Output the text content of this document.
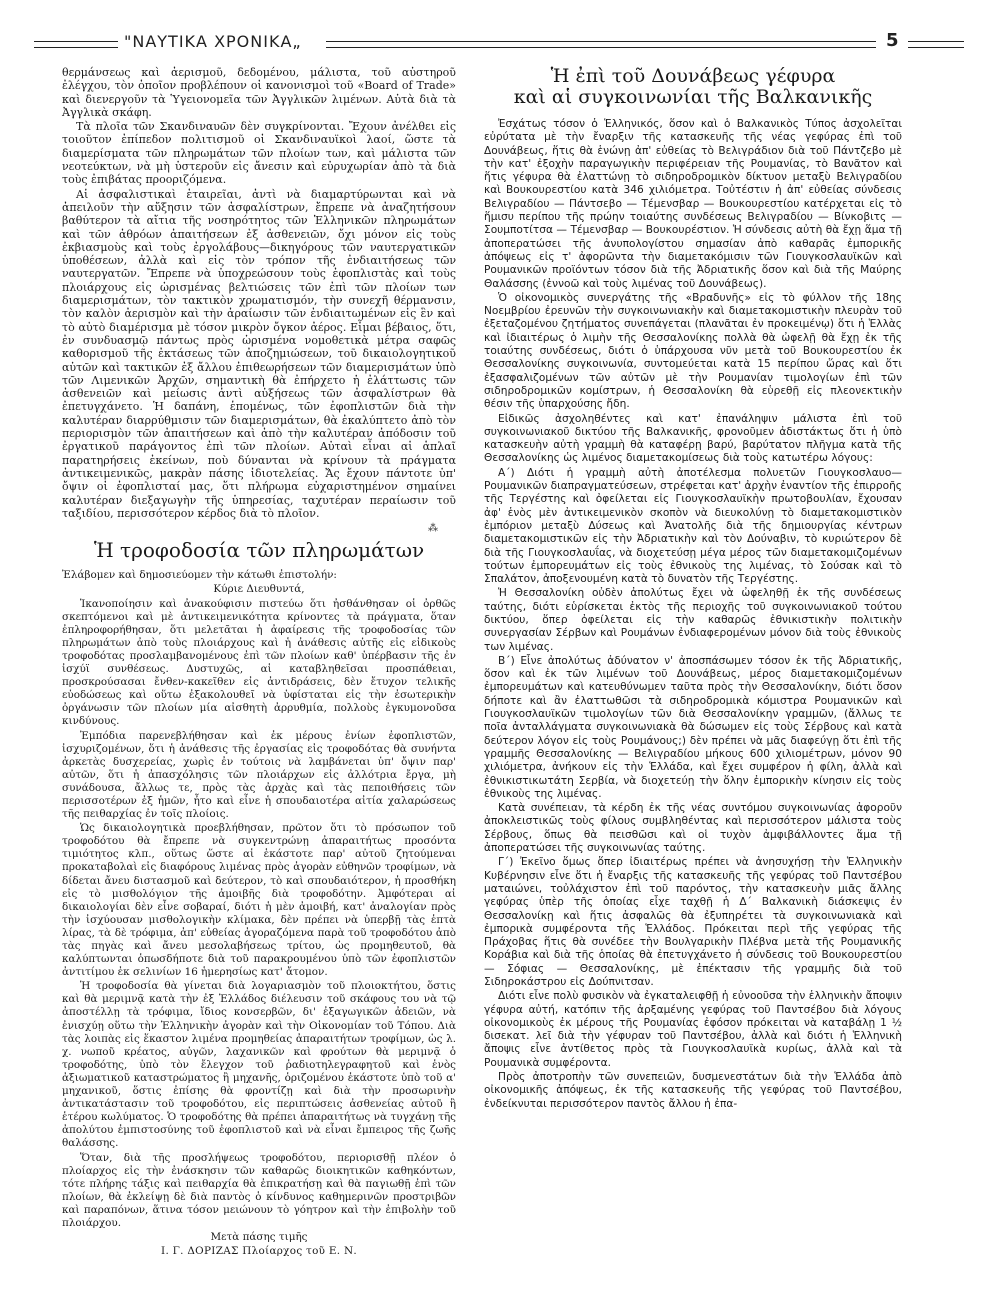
"ΝΑΥΤΙΚΑ ΧΡΟΝΙΚΑ„	5

θερμάνσεως καὶ ἀερισμοῦ, δεδομένου, μάλιστα, τοῦ αὐστηροῦ ἐλέγχου, τὸν ὁποῖον προβλέπουν οἱ κανονισμοὶ τοῦ «Board of Trade» καὶ διενεργοῦν τὰ Ὑγειονομεῖα τῶν Ἀγγλικῶν λιμένων. Αὐτὰ διὰ τὰ Ἀγγλικὰ σκάφη.

Τὰ πλοῖα τῶν Σκανδιναυῶν δὲν συγκρίνονται. Ἔχουν ἀνέλθει εἰς τοιοῦτον ἐπίπεδον πολιτισμοῦ οἱ Σκανδιναυϊκοὶ λαοί, ὥστε τὰ διαμερίσματα τῶν πληρωμάτων τῶν πλοίων των, καὶ μάλιστα τῶν νεοτεύκτων, νὰ μὴ ὑστεροῦν εἰς ἄνεσιν καὶ εὐρυχωρίαν ἀπὸ τὰ διὰ τοὺς ἐπιβάτας προοριζόμενα.

Αἱ ἀσφαλιστικαὶ ἑταιρεῖαι, ἀντὶ νὰ διαμαρτύρωνται καὶ νὰ ἀπειλοῦν τὴν αὔξησιν τῶν ἀσφαλίστρων, ἔπρεπε νὰ ἀναζητήσουν βαθύτερον τὰ αἴτια τῆς νοσηρότητος τῶν Ἑλληνικῶν πληρωμάτων καὶ τῶν ἀθρόων ἀπαιτήσεων ἐξ ἀσθενειῶν, ὄχι μόνον εἰς τοὺς ἐκβιασμοὺς καὶ τοὺς ἐργολάβους—δικηγόρους τῶν ναυτεργατικῶν ὑποθέσεων, ἀλλὰ καὶ εἰς τὸν τρόπον τῆς ἐνδιαιτήσεως τῶν ναυτεργατῶν. Ἔπρεπε νὰ ὑποχρεώσουν τοὺς ἐφοπλιστὰς καὶ τοὺς πλοιάρχους εἰς ὡρισμένας βελτιώσεις τῶν ἐπὶ τῶν πλοίων των διαμερισμάτων, τὸν τακτικὸν χρωματισμόν, τὴν συνεχῆ θέρμανσιν, τὸν καλὸν ἀερισμὸν καὶ τὴν ἀραίωσιν τῶν ἐνδιαιτωμένων εἰς ἓν καὶ τὸ αὐτὸ διαμέρισμα μὲ τόσον μικρὸν ὄγκον ἀέρος. Εἶμαι βέβαιος, ὅτι, ἐν συνδυασμῷ πάντως πρὸς ὡρισμένα νομοθετικὰ μέτρα σαφῶς καθορισμοῦ τῆς ἐκτάσεως τῶν ἀποζημιώσεων, τοῦ δικαιολογητικοῦ αὐτῶν καὶ τακτικῶν ἐξ ἄλλου ἐπιθεωρήσεων τῶν διαμερισμάτων ὑπὸ τῶν Λιμενικῶν Ἀρχῶν, σημαντικὴ θὰ ἐπήρχετο ἡ ἐλάττωσις τῶν ἀσθενειῶν καὶ μείωσις ἀντὶ αὐξήσεως τῶν ἀσφαλίστρων θὰ ἐπετυγχάνετο. Ἡ δαπάνη, ἑπομένως, τῶν ἐφοπλιστῶν διὰ τὴν καλυτέραν διαρρύθμισιν τῶν διαμερισμάτων, θὰ ἐκαλύπτετο ἀπὸ τὸν περιορισμὸν τῶν ἀπαιτήσεων καὶ ἀπὸ τὴν καλυτέραν ἀπόδοσιν τοῦ ἐργατικοῦ παράγοντος ἐπὶ τῶν πλοίων. Αὐταὶ εἶναι αἱ ἁπλαῖ παρατηρήσεις ἐκείνων, ποὺ δύνανται νὰ κρίνουν τὰ πράγματα ἀντικειμενικῶς, μακρὰν πάσης ἰδιοτελείας. Ἄς ἔχουν πάντοτε ὑπ' ὄψιν οἱ ἐφοπλισταί μας, ὅτι πλήρωμα εὐχαριστημένον σημαίνει καλυτέραν διεξαγωγὴν τῆς ὑπηρεσίας, ταχυτέραν περαίωσιν τοῦ ταξιδίου, περισσότερον κέρδος διὰ τὸ πλοῖον.

⁂
Ἡ τροφοδοσία τῶν πληρωμάτων

Ἐλάβομεν καὶ δημοσιεύομεν τὴν κάτωθι ἐπιστολήν:

Κύριε Διευθυντά,

Ἱκανοποίησιν καὶ ἀνακούφισιν πιστεύω ὅτι ἠσθάνθησαν οἱ ὀρθῶς σκεπτόμενοι καὶ μὲ ἀντικειμενικότητα κρίνοντες τὰ πράγματα, ὅταν ἐπληροφορήθησαν, ὅτι μελετᾶται ἡ ἀφαίρεσις τῆς τροφοδοσίας τῶν πληρωμάτων ἀπὸ τοὺς πλοιάρχους καὶ ἡ ἀνάθεσις αὐτῆς εἰς εἰδικοὺς τροφοδότας προσλαμβανομένους ἐπὶ τῶν πλοίων καθ' ὑπέρβασιν τῆς ἐν ἰσχύϊ συνθέσεως. Δυστυχῶς, αἱ καταβληθεῖσαι προσπάθειαι, προσκρούσασαι ἔνθεν-κακεῖθεν εἰς ἀντιδράσεις, δὲν ἔτυχον τελικῆς εὐοδώσεως καὶ οὕτω ἐξακολουθεῖ νὰ ὑφίσταται εἰς τὴν ἐσωτερικὴν ὀργάνωσιν τῶν πλοίων μία αἰσθητὴ ἀρρυθμία, πολλοὺς ἐγκυμονοῦσα κινδύνους.

Ἐμπόδια παρενεβλήθησαν καὶ ἐκ μέρους ἐνίων ἐφοπλιστῶν, ἰσχυριζομένων, ὅτι ἡ ἀνάθεσις τῆς ἐργασίας εἰς τροφοδότας θὰ συνήντα ἀρκετὰς δυσχερείας, χωρὶς ἐν τούτοις νὰ λαμβάνεται ὑπ' ὄψιν παρ' αὐτῶν, ὅτι ἡ ἀπασχόλησις τῶν πλοιάρχων εἰς ἀλλότρια ἔργα, μὴ συνάδουσα, ἄλλως τε, πρὸς τὰς ἀρχὰς καὶ τὰς πεποιθήσεις τῶν περισσοτέρων ἐξ ἡμῶν, ἦτο καὶ εἶνε ἡ σπουδαιοτέρα αἰτία χαλαρώσεως τῆς πειθαρχίας ἐν τοῖς πλοίοις.

Ὡς δικαιολογητικὰ προεβλήθησαν, πρῶτον ὅτι τὸ πρόσωπον τοῦ τροφοδότου θὰ ἔπρεπε νὰ συγκεντρώνῃ ἀπαραιτήτως προσόντα τιμιότητος κλπ., οὕτως ὥστε αἱ ἑκάστοτε παρ' αὐτοῦ ζητούμεναι προκαταβολαὶ εἰς διαφόρους λιμένας πρὸς ἀγορὰν εὐθηνῶν τροφίμων, νὰ δίδεται ἄνευ διστασμοῦ καὶ δεύτερον, τὸ καὶ σπουδαιότερον, ἡ προσθήκη εἰς τὸ μισθολόγιον τῆς ἀμοιβῆς διὰ τροφοδότην. Ἀμφότεραι αἱ δικαιολογίαι δὲν εἶνε σοβαραί, διότι ἡ μὲν ἀμοιβή, κατ' ἀναλογίαν πρὸς τὴν ἰσχύουσαν μισθολογικὴν κλίμακα, δὲν πρέπει νὰ ὑπερβῇ τὰς ἑπτὰ λίρας, τὰ δὲ τρόφιμα, ἀπ' εὐθείας ἀγοραζόμενα παρὰ τοῦ τροφοδότου ἀπὸ τὰς πηγὰς καὶ ἄνευ μεσολαβήσεως τρίτου, ὡς προμηθευτοῦ, θὰ καλύπτωνται ὁπωσδήποτε διὰ τοῦ παρακρουμένου ὑπὸ τῶν ἐφοπλιστῶν ἀντιτίμου ἐκ σελινίων 16 ἡμερησίως κατ' ἄτομον.

Ἡ τροφοδοσία θὰ γίνεται διὰ λογαριασμὸν τοῦ πλοιοκτήτου, ὅστις καὶ θὰ μεριμνᾷ κατὰ τὴν ἐξ Ἑλλάδος διέλευσιν τοῦ σκάφους του νὰ τῷ ἀποστέλλῃ τὰ τρόφιμα, ἴδιος κονσερβῶν, δι' ἐξαγωγικῶν ἀδειῶν, νὰ ἐνισχύῃ οὕτω τὴν Ἑλληνικὴν ἀγορὰν καὶ τὴν Οἰκονομίαν τοῦ Τόπου. Διὰ τὰς λοιπὰς εἰς ἕκαστον λιμένα προμηθείας ἀπαραιτήτων τροφίμων, ὡς λ. χ. νωποῦ κρέατος, αὐγῶν, λαχανικῶν καὶ φρούτων θὰ μεριμνᾷ ὁ τροφοδότης, ὑπὸ τὸν ἔλεγχον τοῦ ῥαδιοτηλεγραφητοῦ καὶ ἑνὸς ἀξιωματικοῦ καταστρώματος ἢ μηχανῆς, ὁριζομένου ἑκάστοτε ὑπὸ τοῦ α' μηχανικοῦ, ὅστις ἐπίσης θὰ φροντίζῃ καὶ διὰ τὴν προσωρινὴν ἀντικατάστασιν τοῦ τροφοδότου, εἰς περιπτώσεις ἀσθενείας αὐτοῦ ἢ ἑτέρου κωλύματος. Ὁ τροφοδότης θὰ πρέπει ἀπαραιτήτως νὰ τυγχάνῃ τῆς ἀπολύτου ἐμπιστοσύνης τοῦ ἐφοπλιστοῦ καὶ νὰ εἶναι ἔμπειρος τῆς ζωῆς θαλάσσης.

Ὅταν, διὰ τῆς προσλήψεως τροφοδότου, περιορισθῇ πλέον ὁ πλοίαρχος εἰς τὴν ἐνάσκησιν τῶν καθαρῶς διοικητικῶν καθηκόντων, τότε πλήρης τάξις καὶ πειθαρχία θὰ ἐπικρατήσῃ καὶ θὰ παγιωθῇ ἐπὶ τῶν πλοίων, θὰ ἐκλείψῃ δὲ διὰ παντὸς ὁ κίνδυνος καθημερινῶν προστριβῶν καὶ παραπόνων, ἅτινα τόσον μειώνουν τὸ γόητρον καὶ τὴν ἐπιβολὴν τοῦ πλοιάρχου.

Μετὰ πάσης τιμῆς

Ι. Γ. ΔΟΡΙΖΑΣ Πλοίαρχος τοῦ Ε. Ν.

Ἡ ἐπὶ τοῦ Δουνάβεως γέφυρα
καὶ αἱ συγκοινωνίαι τῆς Βαλκανικῆς

Ἐσχάτως τόσον ὁ Ἑλληνικός, ὅσον καὶ ὁ Βαλκανικὸς Τύπος ἀσχολεῖται εὐρύτατα μὲ τὴν ἔναρξιν τῆς κατασκευῆς τῆς νέας γεφύρας ἐπὶ τοῦ Δουνάβεως, ἥτις θὰ ἑνώνῃ ἀπ' εὐθείας τὸ Βελιγράδιον διὰ τοῦ Πάντζεβο μὲ τὴν κατ' ἐξοχὴν παραγωγικὴν περιφέρειαν τῆς Ρουμανίας, τὸ Βανᾶτον καὶ ἥτις γέφυρα θὰ ἐλαττώνῃ τὸ σιδηροδρομικὸν δίκτυον μεταξὺ Βελιγραδίου καὶ Βουκουρεστίου κατὰ 346 χιλιόμετρα. Τοὐτέστιν ἡ ἀπ' εὐθείας σύνδεσις Βελιγραδίου — Πάντσεβο — Τέμενσβαρ — Βουκουρεστίου κατέρχεται εἰς τὸ ἥμισυ περίπου τῆς πρώην τοιαύτης συνδέσεως Βελιγραδίου — Βίνκοβιτς — Σουμποτίτσα — Τέμενσβαρ — Βουκουρέστιον. Ἡ σύνδεσις αὐτὴ θὰ ἔχῃ ἅμα τῇ ἀποπερατώσει τῆς ἀνυπολογίστου σημασίαν ἀπὸ καθαρᾶς ἐμπορικῆς ἀπόψεως εἰς τ' ἀφορῶντα τὴν διαμετακόμισιν τῶν Γιουγκοσλαυϊκῶν καὶ Ρουμανικῶν προϊόντων τόσον διὰ τῆς Ἀδριατικῆς ὅσον καὶ διὰ τῆς Μαύρης Θαλάσσης (ἐννοῶ καὶ τοὺς λιμένας τοῦ Δουνάβεως).

Ὁ οἰκονομικὸς συνεργάτης τῆς «Βραδυνῆς» εἰς τὸ φύλλον τῆς 18ης Νοεμβρίου ἐρευνῶν τὴν συγκοινωνιακὴν καὶ διαμετακομιστικὴν πλευρὰν τοῦ ἐξεταζομένου ζητήματος συνεπάγεται (πλανᾶται ἐν προκειμένῳ) ὅτι ἡ Ἑλλὰς καὶ ἰδιαιτέρως ὁ λιμὴν τῆς Θεσσαλονίκης πολλὰ θὰ ὠφελῇ θὰ ἔχῃ ἐκ τῆς τοιαύτης συνδέσεως, διότι ὁ ὑπάρχουσα νῦν μετὰ τοῦ Βουκουρεστίου ἐκ Θεσσαλονίκης συγκοινωνία, συντομεύεται κατὰ 15 περίπου ὥρας καὶ ὅτι ἐξασφαλιζομένων τῶν αὐτῶν μὲ τὴν Ρουμανίαν τιμολογίων ἐπὶ τῶν σιδηροδρομικῶν κομίστρων, ἡ Θεσσαλονίκη θὰ εὑρεθῇ εἰς πλεονεκτικὴν θέσιν τῆς ὑπαρχούσης ἤδη.

Εἰδικῶς ἀσχοληθέντες καὶ κατ' ἐπανάληψιν μάλιστα ἐπὶ τοῦ συγκοινωνιακοῦ δικτύου τῆς Βαλκανικῆς, φρονοῦμεν ἀδιστάκτως ὅτι ἡ ὑπὸ κατασκευὴν αὐτὴ γραμμὴ θὰ καταφέρῃ βαρύ, βαρύτατον πλῆγμα κατὰ τῆς Θεσσαλονίκης ὡς λιμένος διαμετακομίσεως διὰ τοὺς κατωτέρω λόγους:

Α΄) Διότι ἡ γραμμὴ αὐτὴ ἀποτέλεσμα πολυετῶν Γιουγκοσλαυο—Ρουμανικῶν διαπραγματεύσεων, στρέφεται κατ' ἀρχὴν ἐναντίον τῆς ἐπιρροῆς τῆς Τεργέστης καὶ ὀφείλεται εἰς Γιουγκοσλαυϊκὴν πρωτοβουλίαν, ἔχουσαν ἀφ' ἑνὸς μὲν ἀντικειμενικὸν σκοπὸν νὰ διευκολύνῃ τὸ διαμετακομιστικὸν ἐμπόριον μεταξὺ Δύσεως καὶ Ἀνατολῆς διὰ τῆς δημιουργίας κέντρων διαμετακομιστικῶν εἰς τὴν Ἀδριατικὴν καὶ τὸν Δούναβιν, τὸ κυριώτερον δὲ διὰ τῆς Γιουγκοσλαυΐας, νὰ διοχετεύσῃ μέγα μέρος τῶν διαμετακομιζομένων τούτων ἐμπορευμάτων εἰς τοὺς ἐθνικοὺς της λιμένας, τὸ Σούσακ καὶ τὸ Σπαλάτον, ἀποξενουμένη κατὰ τὸ δυνατὸν τῆς Τεργέστης.

Ἡ Θεσσαλονίκη οὐδὲν ἀπολύτως ἔχει νὰ ὠφεληθῇ ἐκ τῆς συνδέσεως ταύτης, διότι εὑρίσκεται ἐκτὸς τῆς περιοχῆς τοῦ συγκοινωνιακοῦ τούτου δικτύου, ὅπερ ὀφείλεται εἰς τὴν καθαρῶς ἐθνικιστικὴν πολιτικὴν συνεργασίαν Σέρβων καὶ Ρουμάνων ἐνδιαφερομένων μόνον διὰ τοὺς ἐθνικοὺς των λιμένας.

Β΄) Εἶνε ἀπολύτως ἀδύνατον ν' ἀποσπάσωμεν τόσον ἐκ τῆς Ἀδριατικῆς, ὅσον καὶ ἐκ τῶν λιμένων τοῦ Δουνάβεως, μέρος διαμετακομιζομένων ἐμπορευμάτων καὶ κατευθύνωμεν ταῦτα πρὸς τὴν Θεσσαλονίκην, διότι ὅσον δήποτε καὶ ἂν ἐλαττωθῶσι τὰ σιδηροδρομικὰ κόμιστρα Ρουμανικῶν καὶ Γιουγκοσλαυϊκῶν τιμολογίων τῶν διὰ Θεσσαλονίκην γραμμῶν, (ἄλλως τε ποῖα ἀνταλλάγματα συγκοινωνιακὰ θὰ δώσωμεν εἰς τοὺς Σέρβους καὶ κατὰ δεύτερον λόγον εἰς τοὺς Ρουμάνους;) δὲν πρέπει νὰ μᾶς διαφεύγῃ ὅτι ἐπὶ τῆς γραμμῆς Θεσσαλονίκης — Βελιγραδίου μήκους 600 χιλιομέτρων, μόνον 90 χιλιόμετρα, ἀνήκουν εἰς τὴν Ἑλλάδα, καὶ ἔχει συμφέρον ἡ φίλη, ἀλλὰ καὶ ἐθνικιστικωτάτη Σερβία, νὰ διοχετεύῃ τὴν ὅλην ἐμπορικὴν κίνησιν εἰς τοὺς ἐθνικοὺς της λιμένας.

Κατὰ συνέπειαν, τὰ κέρδη ἐκ τῆς νέας συντόμου συγκοινωνίας ἀφοροῦν ἀποκλειστικῶς τοὺς φίλους συμβληθέντας καὶ περισσότερον μάλιστα τοὺς Σέρβους, ὅπως θὰ πεισθῶσι καὶ οἱ τυχὸν ἀμφιβάλλοντες ἅμα τῇ ἀποπερατώσει τῆς συγκοινωνίας ταύτης.

Γ΄) Ἐκεῖνο ὅμως ὅπερ ἰδιαιτέρως πρέπει νὰ ἀνησυχήσῃ τὴν Ἑλληνικὴν Κυβέρνησιν εἶνε ὅτι ἡ ἔναρξις τῆς κατασκευῆς τῆς γεφύρας τοῦ Παντσέβου ματαιώνει, τοὐλάχιστον ἐπὶ τοῦ παρόντος, τὴν κατασκευὴν μιᾶς ἄλλης γεφύρας ὑπὲρ τῆς ὁποίας εἶχε ταχθῇ ἡ Δ΄ Βαλκανικὴ διάσκεψις ἐν Θεσσαλονίκῃ καὶ ἥτις ἀσφαλῶς θὰ ἐξυπηρέτει τὰ συγκοινωνιακὰ καὶ ἐμπορικὰ συμφέροντα τῆς Ἑλλάδος. Πρόκειται περὶ τῆς γεφύρας τῆς Πράχοβας ἥτις θὰ συνέδεε τὴν Βουλγαρικὴν Πλέβνα μετὰ τῆς Ρουμανικῆς Κοράβια καὶ διὰ τῆς ὁποίας θὰ ἐπετυγχάνετο ἡ σύνδεσις τοῦ Βουκουρεστίου — Σόφιας — Θεσσαλονίκης, μὲ ἐπέκτασιν τῆς γραμμῆς διὰ τοῦ Σιδηροκάστρου εἰς Δούπνιτσαν.

Διότι εἶνε πολὺ φυσικὸν νὰ ἐγκαταλειφθῇ ἡ εὐνοοῦσα τὴν ἑλληνικὴν ἄποψιν γέφυρα αὐτή, κατόπιν τῆς ἀρξαμένης γεφύρας τοῦ Παντσέβου διὰ λόγους οἰκονομικοὺς ἐκ μέρους τῆς Ρουμανίας ἐφόσον πρόκειται νὰ καταβάλῃ 1 ½ δισεκατ. λεῖ διὰ τὴν γέφυραν τοῦ Παντσέβου, ἀλλὰ καὶ διότι ἡ Ἑλληνικὴ ἄποψις εἶνε ἀντίθετος πρὸς τὰ Γιουγκοσλαυϊκὰ κυρίως, ἀλλὰ καὶ τὰ Ρουμανικὰ συμφέροντα.

Πρὸς ἀποτροπὴν τῶν συνεπειῶν, δυσμενεστάτων διὰ τὴν Ἑλλάδα ἀπὸ οἰκονομικῆς ἀπόψεως, ἐκ τῆς κατασκευῆς τῆς γεφύρας τοῦ Παντσέβου, ἐνδείκνυται περισσότερον παντὸς ἄλλου ἡ ἐπα-
